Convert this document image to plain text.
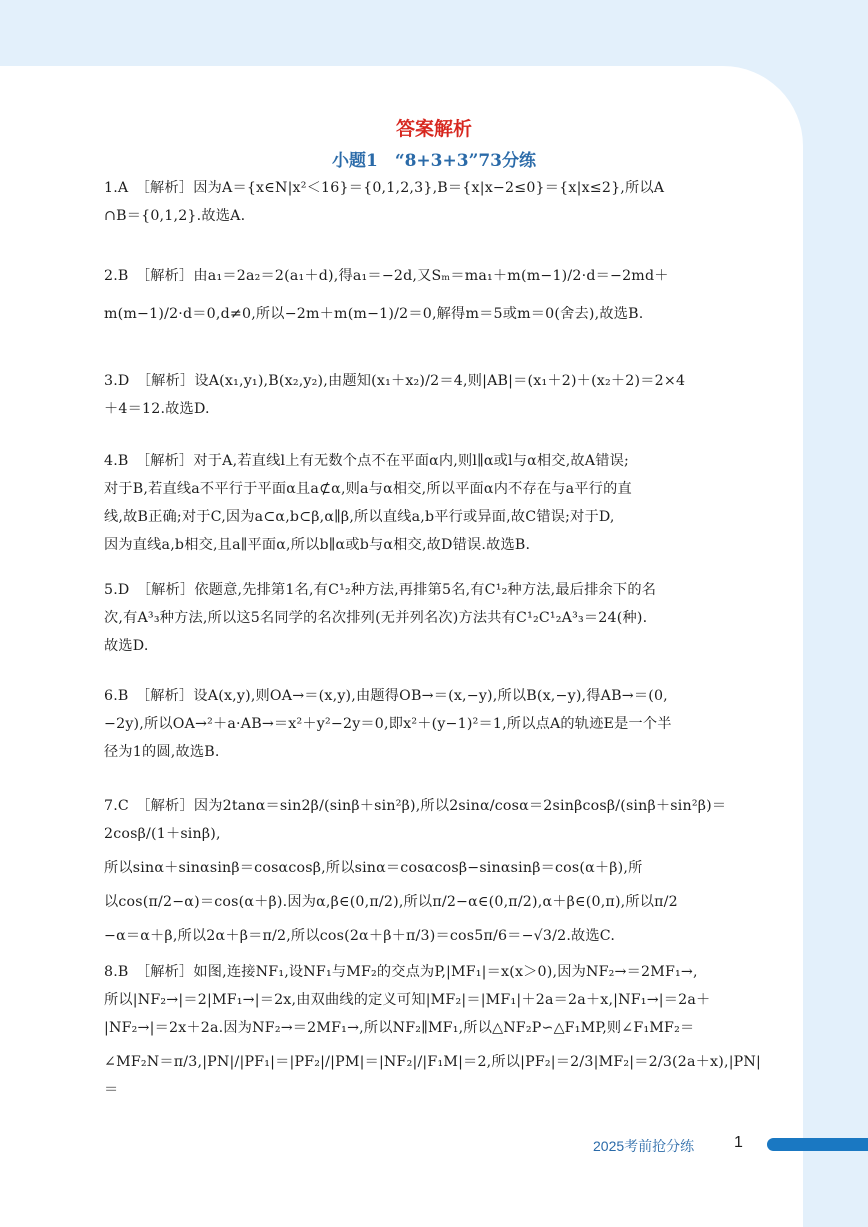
答案解析
小题1　“8+3+3”73分练

1.A　［解析］因为A＝{x∈N|x²＜16}＝{0,1,2,3},B＝{x|x−2≤0}＝{x|x≤2},所以A

∩B＝{0,1,2}.故选A.

2.B　［解析］由a₁＝2a₂＝2(a₁＋d),得a₁＝−2d,又Sₘ＝ma₁＋m(m−1)/2·d＝−2md＋

m(m−1)/2·d＝0,d≠0,所以−2m＋m(m−1)/2＝0,解得m＝5或m＝0(舍去),故选B.

3.D　［解析］设A(x₁,y₁),B(x₂,y₂),由题知(x₁＋x₂)/2＝4,则|AB|＝(x₁＋2)＋(x₂＋2)＝2×4

＋4＝12.故选D.

4.B　［解析］对于A,若直线l上有无数个点不在平面α内,则l∥α或l与α相交,故A错误;

对于B,若直线a不平行于平面α且a⊄α,则a与α相交,所以平面α内不存在与a平行的直

线,故B正确;对于C,因为a⊂α,b⊂β,α∥β,所以直线a,b平行或异面,故C错误;对于D,

因为直线a,b相交,且a∥平面α,所以b∥α或b与α相交,故D错误.故选B.

5.D　［解析］依题意,先排第1名,有C¹₂种方法,再排第5名,有C¹₂种方法,最后排余下的名

次,有A³₃种方法,所以这5名同学的名次排列(无并列名次)方法共有C¹₂C¹₂A³₃＝24(种).

故选D.

6.B　［解析］设A(x,y),则OA→＝(x,y),由题得OB→＝(x,−y),所以B(x,−y),得AB→＝(0,

−2y),所以OA→²＋a·AB→＝x²＋y²−2y＝0,即x²＋(y−1)²＝1,所以点A的轨迹E是一个半

径为1的圆,故选B.

7.C　［解析］因为2tanα＝sin2β/(sinβ＋sin²β),所以2sinα/cosα＝2sinβcosβ/(sinβ＋sin²β)＝2cosβ/(1＋sinβ),

所以sinα＋sinαsinβ＝cosαcosβ,所以sinα＝cosαcosβ−sinαsinβ＝cos(α＋β),所

以cos(π/2−α)＝cos(α＋β).因为α,β∈(0,π/2),所以π/2−α∈(0,π/2),α＋β∈(0,π),所以π/2

−α＝α＋β,所以2α＋β＝π/2,所以cos(2α＋β＋π/3)＝cos5π/6＝−√3/2.故选C.

8.B　［解析］如图,连接NF₁,设NF₁与MF₂的交点为P,|MF₁|＝x(x＞0),因为NF₂→＝2MF₁→,

所以|NF₂→|＝2|MF₁→|＝2x,由双曲线的定义可知|MF₂|＝|MF₁|＋2a＝2a＋x,|NF₁→|＝2a＋

|NF₂→|＝2x＋2a.因为NF₂→＝2MF₁→,所以NF₂∥MF₁,所以△NF₂P∽△F₁MP,则∠F₁MF₂＝

∠MF₂N＝π/3,|PN|/|PF₁|＝|PF₂|/|PM|＝|NF₂|/|F₁M|＝2,所以|PF₂|＝2/3|MF₂|＝2/3(2a＋x),|PN|＝

2025考前抢分练 1
